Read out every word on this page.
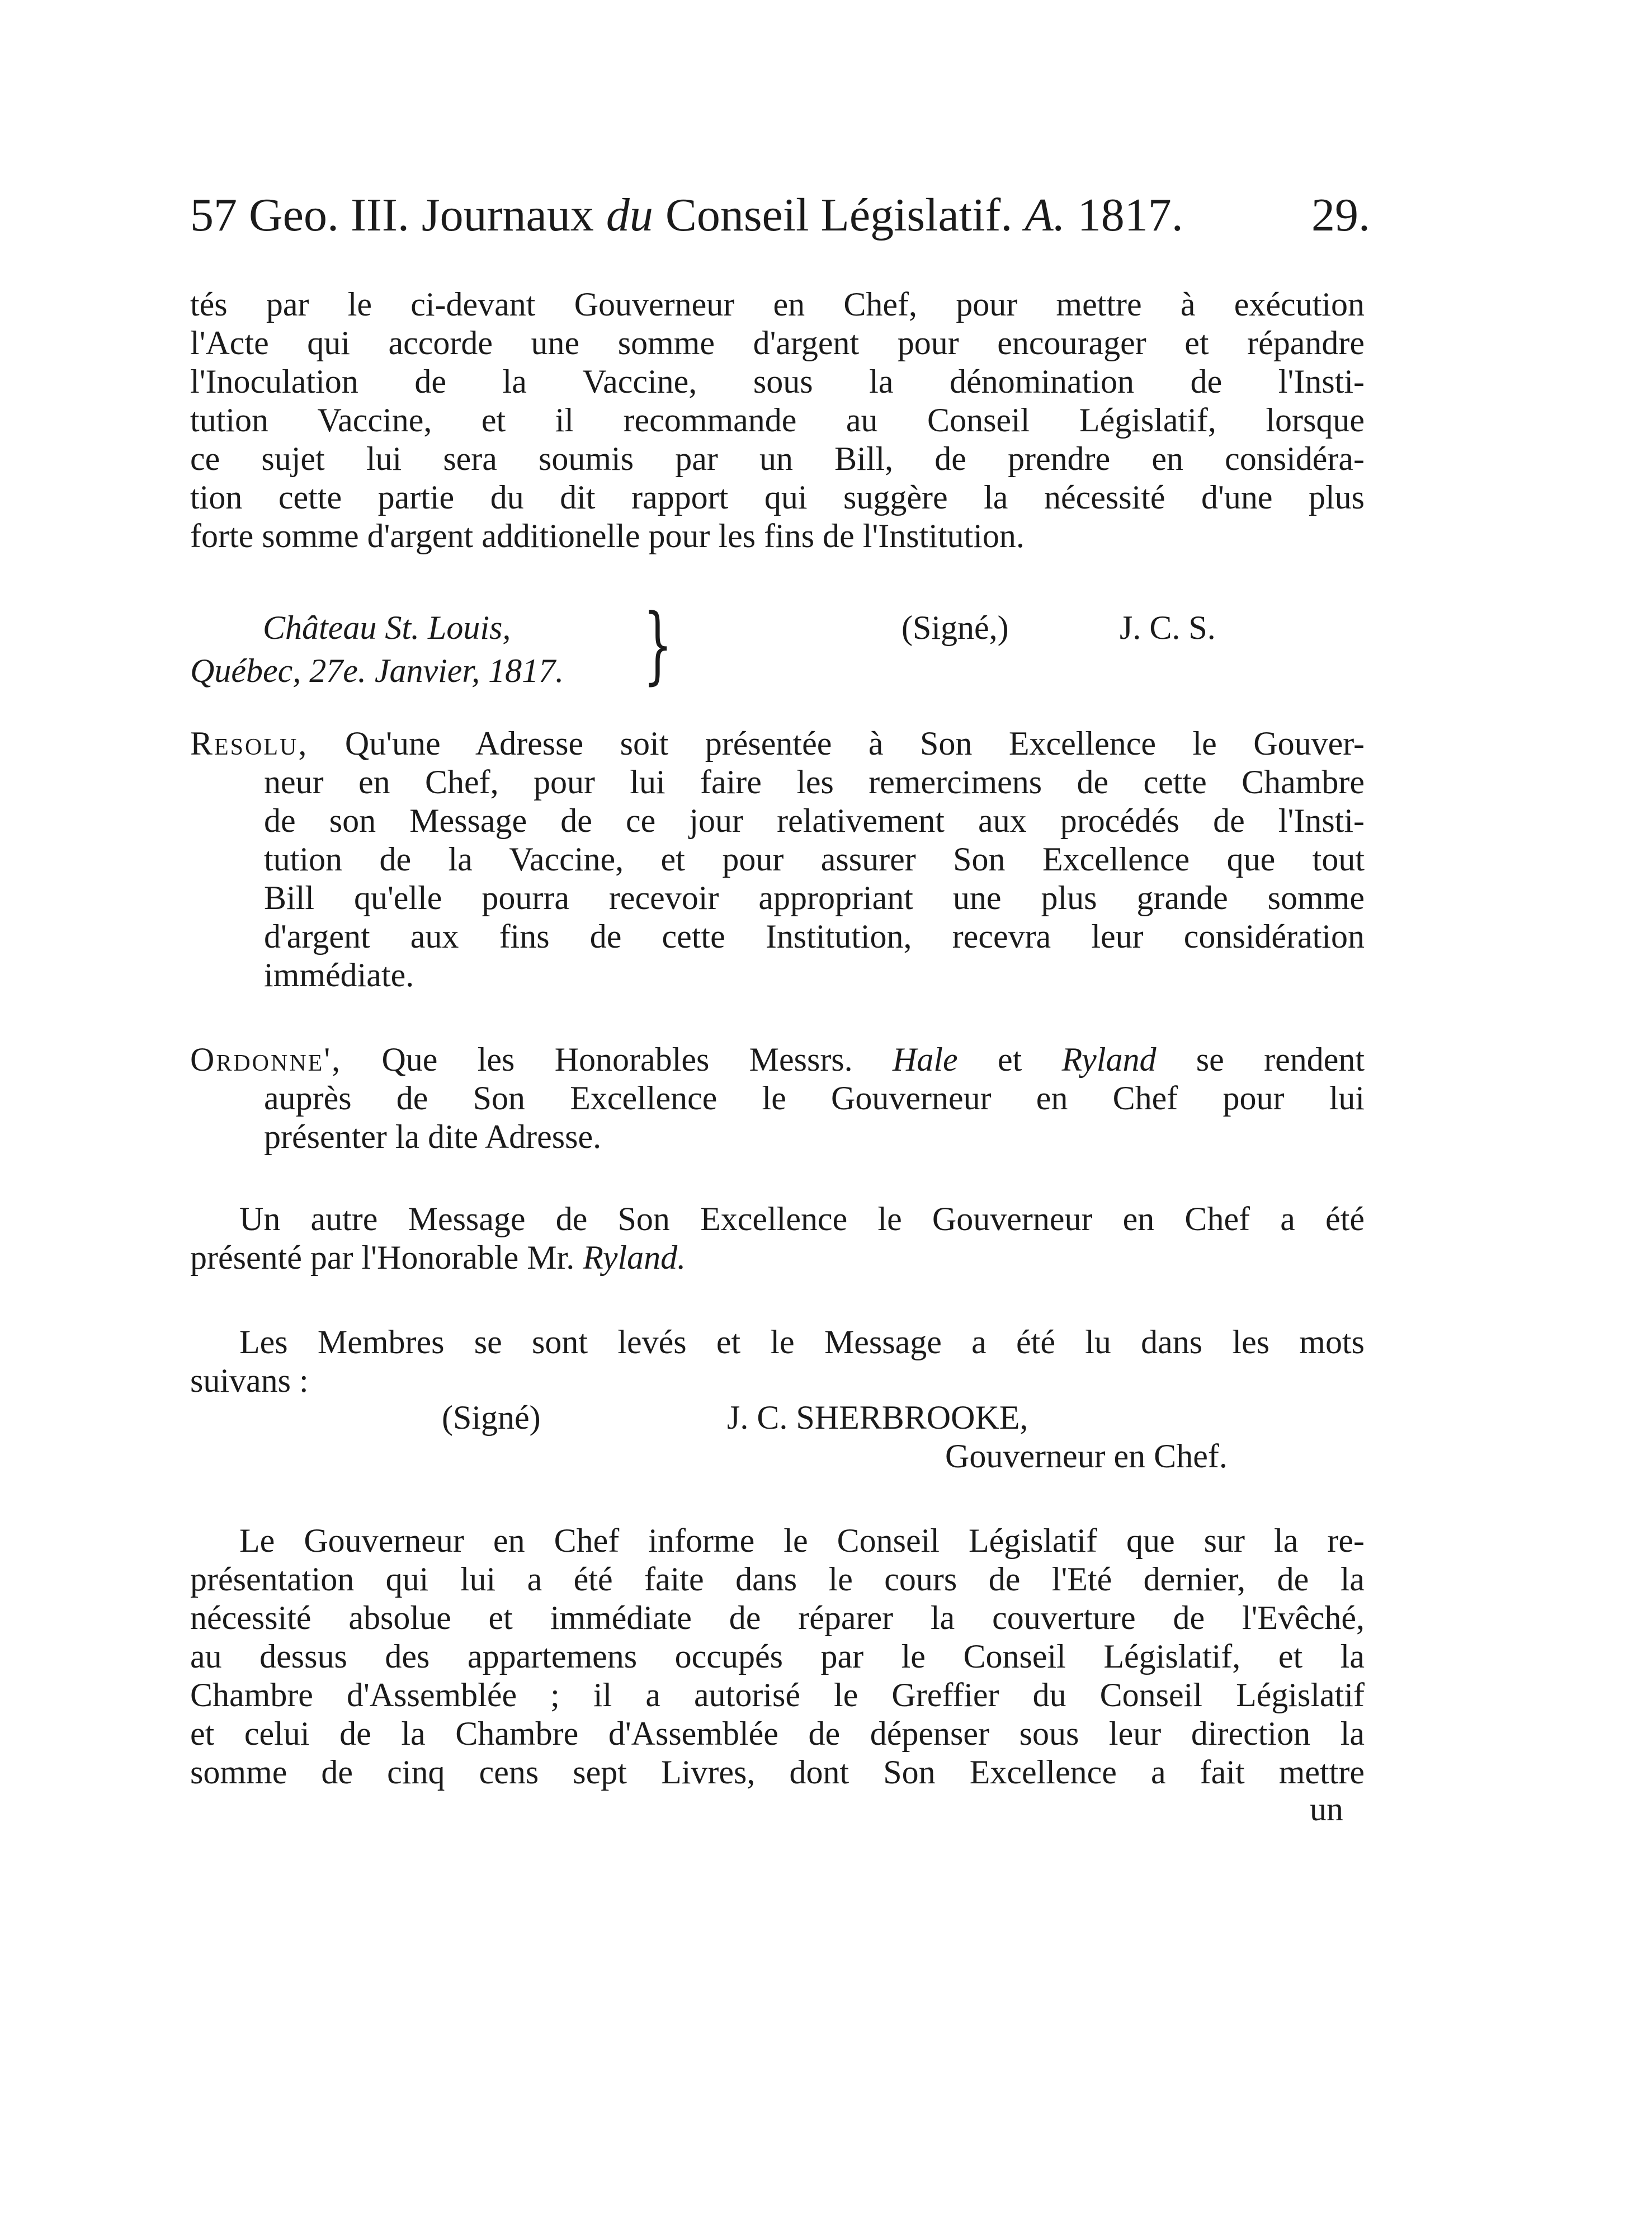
57 Geo. III. Journaux du Conseil Législatif. A. 1817.	29.
tés par le ci-devant Gouverneur en Chef, pour mettre à exécution
l'Acte qui accorde une somme d'argent pour encourager et répandre
l'Inoculation de la Vaccine, sous la dénomination de l'Insti-
tution Vaccine, et il recommande au Conseil Législatif, lorsque
ce sujet lui sera soumis par un Bill, de prendre en considéra-
tion cette partie du dit rapport qui suggère la nécessité d'une plus
forte somme d'argent additionelle pour les fins de l'Institution.
Château St. Louis,
Québec, 27e. Janvier, 1817. }	(Signé,)	J. C. S.
Resolu, Qu'une Adresse soit présentée à Son Excellence le Gouver-
neur en Chef, pour lui faire les remercimens de cette Chambre
de son Message de ce jour relativement aux procédés de l'Insti-
tution de la Vaccine, et pour assurer Son Excellence que tout
Bill qu'elle pourra recevoir appropriant une plus grande somme
d'argent aux fins de cette Institution, recevra leur considération
immédiate.
Ordonne', Que les Honorables Messrs. Hale et Ryland se rendent
auprès de Son Excellence le Gouverneur en Chef pour lui
présenter la dite Adresse.
Un autre Message de Son Excellence le Gouverneur en Chef a été
présenté par l'Honorable Mr. Ryland.
Les Membres se sont levés et le Message a été lu dans les mots
suivans :
(Signé)	J. C. SHERBROOKE,
Gouverneur en Chef.
Le Gouverneur en Chef informe le Conseil Législatif que sur la re-
présentation qui lui a été faite dans le cours de l'Eté dernier, de la
nécessité absolue et immédiate de réparer la couverture de l'Evêché,
au dessus des appartemens occupés par le Conseil Législatif, et la
Chambre d'Assemblée ; il a autorisé le Greffier du Conseil Législatif
et celui de la Chambre d'Assemblée de dépenser sous leur direction la
somme de cinq cens sept Livres, dont Son Excellence a fait mettre
un
